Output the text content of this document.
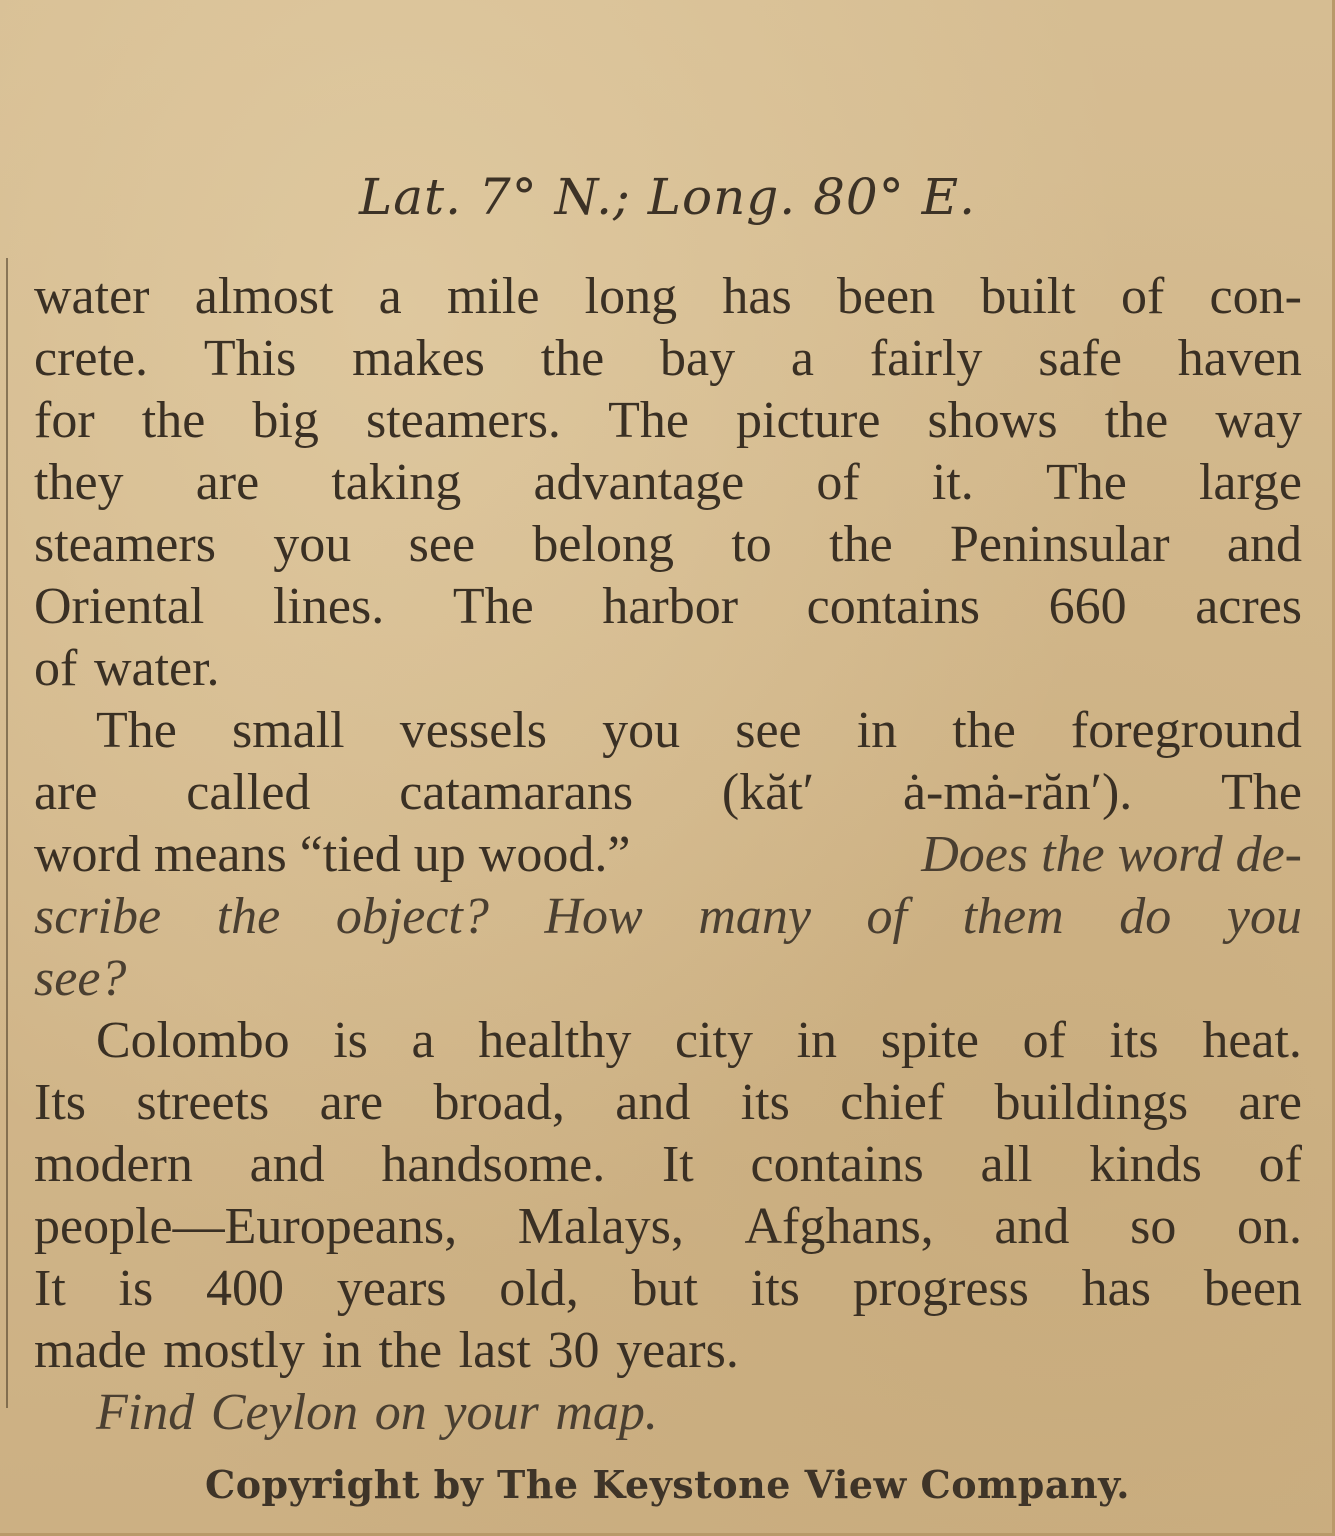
Lat. 7° N.; Long. 80° E.
water almost a mile long has been built of con-
crete. This makes the bay a fairly safe haven
for the big steamers. The picture shows the way
they are taking advantage of it. The large
steamers you see belong to the Peninsular and
Oriental lines. The harbor contains 660 acres
of water.
The small vessels you see in the foreground
are called catamarans (kăt′ ȧ-mȧ-răn′). The
word means “tied up wood.”	Does the word de-
scribe the object? How many of them do you
see?
Colombo is a healthy city in spite of its heat.
Its streets are broad, and its chief buildings are
modern and handsome. It contains all kinds of
people—Europeans, Malays, Afghans, and so on.
It is 400 years old, but its progress has been
made mostly in the last 30 years.
Find Ceylon on your map.
Copyright by The Keystone View Company.
